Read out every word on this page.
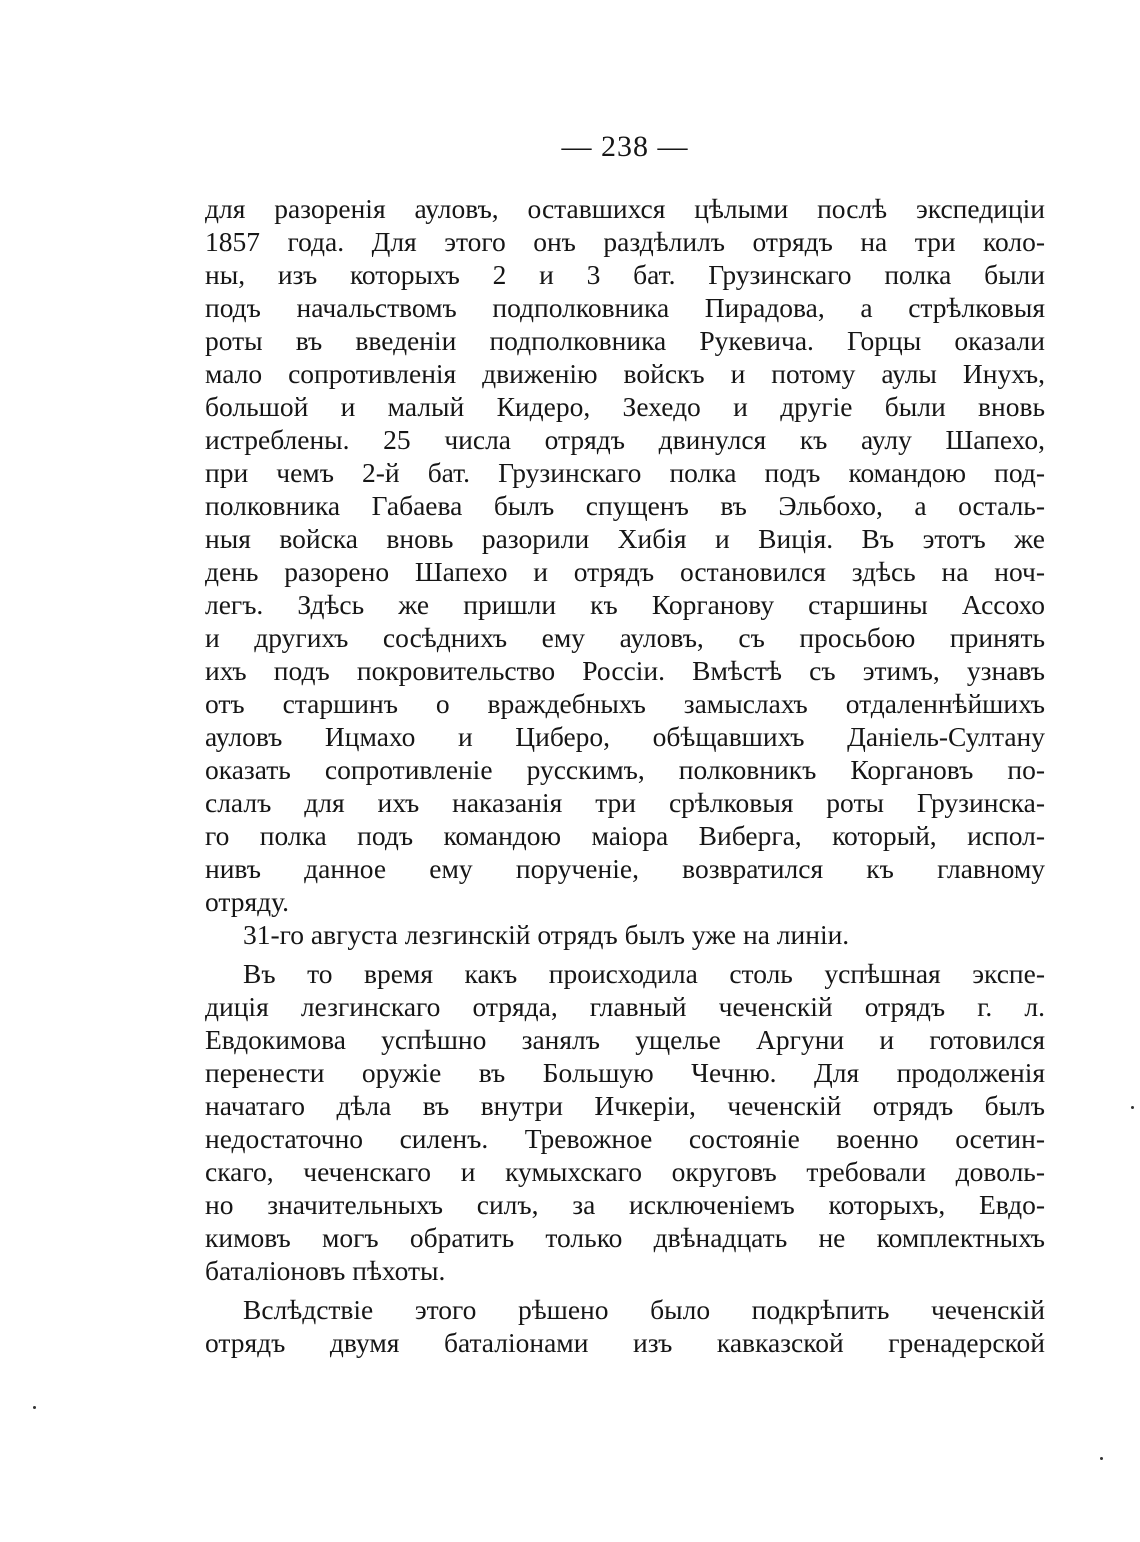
— 238 —
для разоренія ауловъ, оставшихся цѣлыми послѣ экспедиціи
1857 года. Для этого онъ раздѣлилъ отрядъ на три коло-
ны, изъ которыхъ 2 и 3 бат. Грузинскаго полка были
подъ начальствомъ подполковника Пирадова, а стрѣлковыя
роты въ введеніи подполковника Рукевича. Горцы оказали
мало сопротивленія движенію войскъ и потому аулы Инухъ,
большой и малый Кидеро, Зехедо и другіе были вновь
истреблены. 25 числа отрядъ двинулся къ аулу Шапехо,
при чемъ 2-й бат. Грузинскаго полка подъ командою под-
полковника Габаева былъ спущенъ въ Эльбохо, а осталь-
ныя войска вновь разорили Хибія и Виція. Въ этотъ же
день разорено Шапехо и отрядъ остановился здѣсь на ноч-
легъ. Здѣсь же пришли къ Корганову старшины Ассохо
и другихъ сосѣднихъ ему ауловъ, съ просьбою принять
ихъ подъ покровительство Россіи. Вмѣстѣ съ этимъ, узнавъ
отъ старшинъ о враждебныхъ замыслахъ отдаленнѣйшихъ
ауловъ Ицмахо и Циберо, обѣщавшихъ Даніель-Султану
оказать сопротивленіе русскимъ, полковникъ Коргановъ по-
слалъ для ихъ наказанія три срѣлковыя роты Грузинска-
го полка подъ командою маіора Виберга, который, испол-
нивъ данное ему порученіе, возвратился къ главному
отряду.
31-го августа лезгинскій отрядъ былъ уже на линіи.
Въ то время какъ происходила столь успѣшная экспе-
диція лезгинскаго отряда, главный чеченскій отрядъ г. л.
Евдокимова успѣшно занялъ ущелье Аргуни и готовился
перенести оружіе въ Большую Чечню. Для продолженія
начатаго дѣла въ внутри Ичкеріи, чеченскій отрядъ былъ
недостаточно силенъ. Тревожное состояніе военно осетин-
скаго, чеченскаго и кумыхскаго округовъ требовали доволь-
но значительныхъ силъ, за исключеніемъ которыхъ, Евдо-
кимовъ могъ обратить только двѣнадцать не комплектныхъ
баталіоновъ пѣхоты.
Вслѣдствіе этого рѣшено было подкрѣпить чеченскій
отрядъ двумя баталіонами изъ кавказской гренадерской
